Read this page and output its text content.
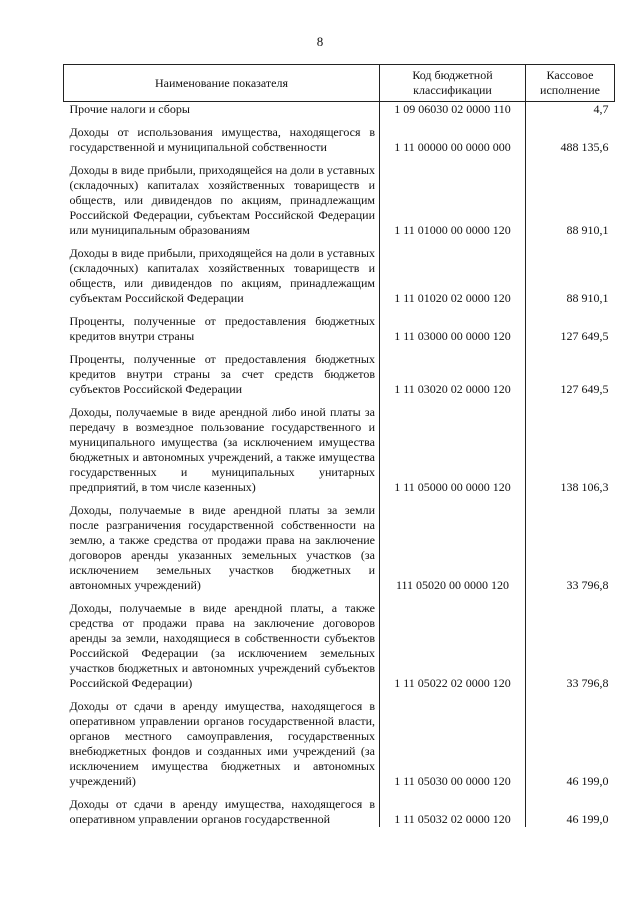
8
Наименование показателя	Код бюджетной классификации	Кассовое исполнение
Прочие налоги и сборы	1 09 06030 02 0000 110	4,7

Доходы от использования имущества, находящегося в государственной и муниципальной собственности	1 11 00000 00 0000 000	488 135,6

Доходы в виде прибыли, приходящейся на доли в уставных (складочных) капиталах хозяйственных товариществ и обществ, или дивидендов по акциям, принадлежащим Российской Федерации, субъектам Российской Федерации или муниципальным образованиям	1 11 01000 00 0000 120	88 910,1

Доходы в виде прибыли, приходящейся на доли в уставных (складочных) капиталах хозяйственных товариществ и обществ, или дивидендов по акциям, принадлежащим субъектам Российской Федерации	1 11 01020 02 0000 120	88 910,1

Проценты, полученные от предоставления бюджетных кредитов внутри страны	1 11 03000 00 0000 120	127 649,5

Проценты, полученные от предоставления бюджетных кредитов внутри страны за счет средств бюджетов субъектов Российской Федерации	1 11 03020 02 0000 120	127 649,5

Доходы, получаемые в виде арендной либо иной платы за передачу в возмездное пользование государственного и муниципального имущества (за исключением имущества бюджетных и автономных учреждений, а также имущества государственных и муниципальных унитарных предприятий, в том числе казенных)	1 11 05000 00 0000 120	138 106,3

Доходы, получаемые в виде арендной платы за земли после разграничения государственной собственности на землю, а также средства от продажи права на заключение договоров аренды указанных земельных участков (за исключением земельных участков бюджетных и автономных учреждений)	111 05020 00 0000 120	33 796,8

Доходы, получаемые в виде арендной платы, а также средства от продажи права на заключение договоров аренды за земли, находящиеся в собственности субъектов Российской Федерации (за исключением земельных участков бюджетных и автономных учреждений субъектов Российской Федерации)	1 11 05022 02 0000 120	33 796,8

Доходы от сдачи в аренду имущества, находящегося в оперативном управлении органов государственной власти, органов местного самоуправления, государственных внебюджетных фондов и созданных ими учреждений (за исключением имущества бюджетных и автономных учреждений)	1 11 05030 00 0000 120	46 199,0

Доходы от сдачи в аренду имущества, находящегося в оперативном управлении органов государственной	1 11 05032 02 0000 120	46 199,0
